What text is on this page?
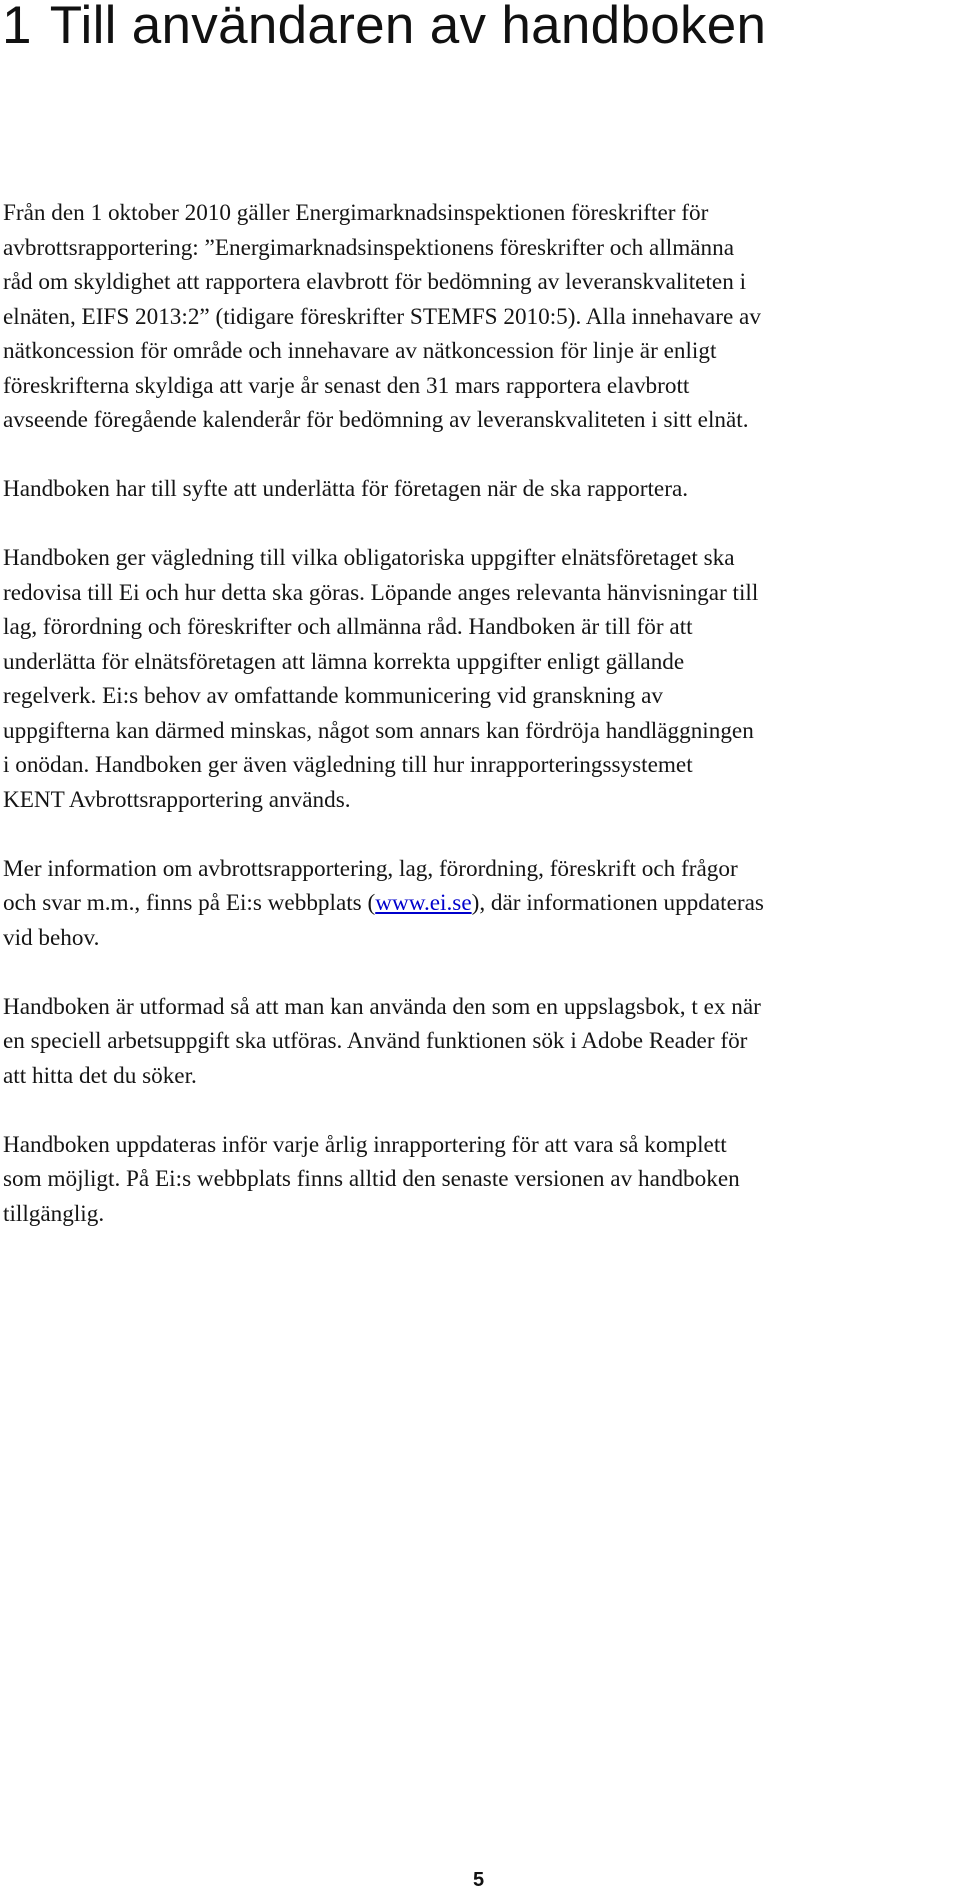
1 Till användaren av handboken

Från den 1 oktober 2010 gäller Energimarknadsinspektionen föreskrifter för
avbrottsrapportering: ”Energimarknadsinspektionens föreskrifter och allmänna
råd om skyldighet att rapportera elavbrott för bedömning av leveranskvaliteten i
elnäten, EIFS 2013:2” (tidigare föreskrifter STEMFS 2010:5). Alla innehavare av
nätkoncession för område och innehavare av nätkoncession för linje är enligt
föreskrifterna skyldiga att varje år senast den 31 mars rapportera elavbrott
avseende föregående kalenderår för bedömning av leveranskvaliteten i sitt elnät.

Handboken har till syfte att underlätta för företagen när de ska rapportera.

Handboken ger vägledning till vilka obligatoriska uppgifter elnätsföretaget ska
redovisa till Ei och hur detta ska göras. Löpande anges relevanta hänvisningar till
lag, förordning och föreskrifter och allmänna råd. Handboken är till för att
underlätta för elnätsföretagen att lämna korrekta uppgifter enligt gällande
regelverk. Ei:s behov av omfattande kommunicering vid granskning av
uppgifterna kan därmed minskas, något som annars kan fördröja handläggningen
i onödan. Handboken ger även vägledning till hur inrapporteringssystemet
KENT Avbrottsrapportering används.

Mer information om avbrottsrapportering, lag, förordning, föreskrift och frågor
och svar m.m., finns på Ei:s webbplats (www.ei.se), där informationen uppdateras
vid behov.

Handboken är utformad så att man kan använda den som en uppslagsbok, t ex när
en speciell arbetsuppgift ska utföras. Använd funktionen sök i Adobe Reader för
att hitta det du söker.

Handboken uppdateras inför varje årlig inrapportering för att vara så komplett
som möjligt. På Ei:s webbplats finns alltid den senaste versionen av handboken
tillgänglig.

5
